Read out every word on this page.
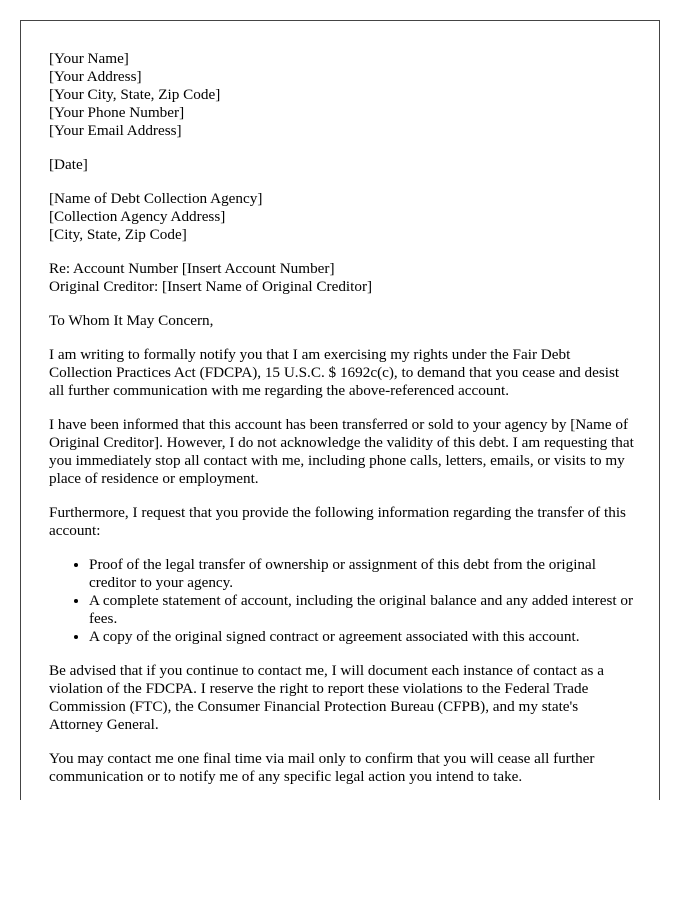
[Your Name]
[Your Address]
[Your City, State, Zip Code]
[Your Phone Number]
[Your Email Address]
[Date]
[Name of Debt Collection Agency]
[Collection Agency Address]
[City, State, Zip Code]
Re: Account Number [Insert Account Number]
Original Creditor: [Insert Name of Original Creditor]

To Whom It May Concern,

I am writing to formally notify you that I am exercising my rights under the Fair Debt Collection Practices Act (FDCPA), 15 U.S.C. $ 1692c(c), to demand that you cease and desist all further communication with me regarding the above-referenced account.

I have been informed that this account has been transferred or sold to your agency by [Name of Original Creditor]. However, I do not acknowledge the validity of this debt. I am requesting that you immediately stop all contact with me, including phone calls, letters, emails, or visits to my place of residence or employment.

Furthermore, I request that you provide the following information regarding the transfer of this account:

• Proof of the legal transfer of ownership or assignment of this debt from the original creditor to your agency.
• A complete statement of account, including the original balance and any added interest or fees.
• A copy of the original signed contract or agreement associated with this account.

Be advised that if you continue to contact me, I will document each instance of contact as a violation of the FDCPA. I reserve the right to report these violations to the Federal Trade Commission (FTC), the Consumer Financial Protection Bureau (CFPB), and my state's Attorney General.

You may contact me one final time via mail only to confirm that you will cease all further communication or to notify me of any specific legal action you intend to take.
